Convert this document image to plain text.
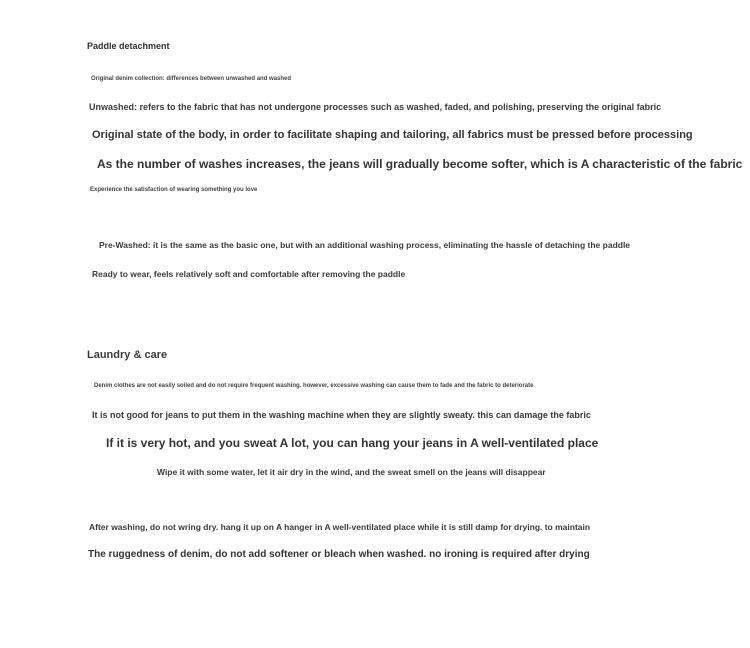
Paddle detachment

Original denim collection: differences between unwashed and washed

Unwashed: refers to the fabric that has not undergone processes such as washed, faded, and polishing, preserving the original fabric

Original state of the body, in order to facilitate shaping and tailoring, all fabrics must be pressed before processing

As the number of washes increases, the jeans will gradually become softer, which is A characteristic of the fabric

Experience the satisfaction of wearing something you love

Pre-Washed: it is the same as the basic one, but with an additional washing process, eliminating the hassle of detaching the paddle

Ready to wear, feels relatively soft and comfortable after removing the paddle

Laundry & care

Denim clothes are not easily soiled and do not require frequent washing. however, excessive washing can cause them to fade and the fabric to deteriorate

It is not good for jeans to put them in the washing machine when they are slightly sweaty. this can damage the fabric

If it is very hot, and you sweat A lot, you can hang your jeans in A well-ventilated place

Wipe it with some water, let it air dry in the wind, and the sweat smell on the jeans will disappear

After washing, do not wring dry. hang it up on A hanger in A well-ventilated place while it is still damp for drying. to maintain

The ruggedness of denim, do not add softener or bleach when washed. no ironing is required after drying
